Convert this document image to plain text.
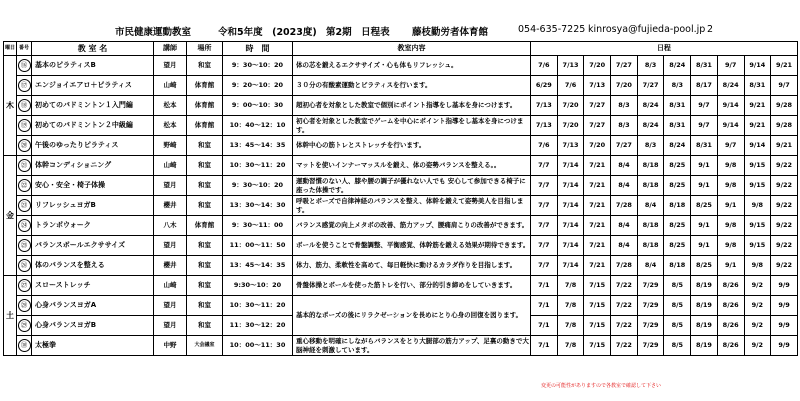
市民健康運動教室	令和5年度　(2023度) 第2期　日程表 藤枝勤労者体育館	054-635-7225 kinrosya@fujieda-pool.jp 2
曜日	番号	教 室 名	講師	場所	時　間	教室内容	日程									
木	⑯	基本のピラティスB	望月	和室	9：30～10：20	体の芯を鍛えるエクササイズ・心も体もリフレッシュ。	7/6	7/13	7/20	7/27	8/3	8/24	8/31	9/7	9/14	9/21
	⑰	エンジョイエアロ＋ピラティス	山崎	体育館	9：20～10：20	３０分の有酸素運動とピラティスを行います。	6/29	7/6	7/13	7/20	7/27	8/3	8/17	8/24	8/31	9/7
	⑱	初めてのバドミントン１入門編	松本	体育館	9：00～10：30	超初心者を対象とした教室で個別にポイント指導をし基本を身につけます。	7/13	7/20	7/27	8/3	8/24	8/31	9/7	9/14	9/21	9/28
	⑲	初めてのバドミントン２中級編	松本	体育館	10：40～12：10	初心者を対象とした教室でゲームを中心にポイント指導をし基本を身につけます。	7/13	7/20	7/27	8/3	8/24	8/31	9/7	9/14	9/21	9/28
	⑳	午後のゆったりピラティス	野崎	和室	13：45～14：35	体幹中心の筋トレとストレッチを行います。	7/6	7/13	7/20	7/27	8/3	8/24	8/31	9/7	9/14	9/21
金	㉑	体幹コンディショニング	山崎	和室	10：30～11：20	マットを使いインナーマッスルを鍛え、体の姿勢バランスを整える。。	7/7	7/14	7/21	8/4	8/18	8/25	9/1	9/8	9/15	9/22
	㉒	安心・安全・椅子体操	望月	和室	9：30～10：20	運動習慣のない人、膝や腰の調子が優れない人でも 安心して参加できる椅子に座った体操です。	7/7	7/14	7/21	8/4	8/18	8/25	9/1	9/8	9/15	9/22
	㉓	リフレッシュヨガB	櫻井	和室	13：30～14：30	呼吸とポーズで自律神経のバランスを整え、体幹を鍛えて姿勢美人を目指します。	7/7	7/14	7/21	7/28	8/4	8/18	8/25	9/1	9/8	9/22
	㉔	トランポウォーク	八木	体育館	9：30～11：00	バランス感覚の向上メタボの改善、筋力アップ、腰痛肩こりの改善ができます。	7/7	7/14	7/21	8/4	8/18	8/25	9/1	9/8	9/15	9/22
	㉕	バランスボールエクササイズ	望月	和室	11：00～11：50	ボールを使うことで骨盤調整、平衡感覚、体幹筋を鍛える効果が期待できます。	7/7	7/14	7/21	8/4	8/18	8/25	9/1	9/8	9/15	9/22
	㉖	体のバランスを整える	櫻井	和室	13：45～14：35	体力、筋力、柔軟性を高めて、毎日軽快に動けるカラダ作りを目指します。	7/7	7/14	7/21	7/28	8/4	8/18	8/25	9/1	9/8	9/22
土	㉗	スローストレッチ	山崎	和室	9:30～10：20	骨盤体操とボールを使った筋トレを行い、部分的引き締めをしていきます。	7/1	7/8	7/15	7/22	7/29	8/5	8/19	8/26	9/2	9/9
	㉘	心身バランスヨガA	望月	和室	10：30～11：20	基本的なポーズの後にリラクゼーションを長めにとり心身の回復を図ります。	7/1	7/8	7/15	7/22	7/29	8/5	8/19	8/26	9/2	9/9
	㉙	心身バランスヨガB	望月	和室	11：30～12：20		7/1	7/8	7/15	7/22	7/29	8/5	8/19	8/26	9/2	9/9
	㉚	太極拳	中野	大会議室	10：00～11：30	重心移動を明確にしながらバランスをとり大腿部の筋力アップ、足裏の動きで大脳神経を刺激しています。	7/1	7/8	7/15	7/22	7/29	8/5	8/19	8/26	9/2	9/9
変更の可能性がありますので各教室で確認して下さい
